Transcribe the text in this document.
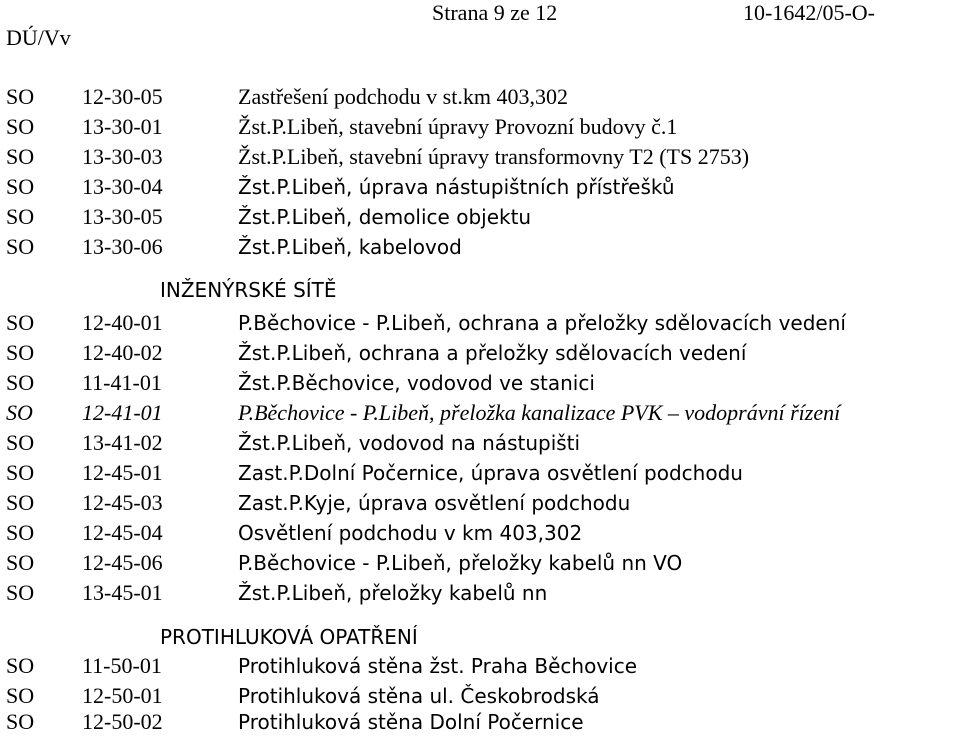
Strana 9 ze 12	10-1642/05-O-
DÚ/Vv
SO 12-30-05	Zastřešení podchodu v st.km 403,302
SO 13-30-01	Žst.P.Libeň, stavební úpravy Provozní budovy č.1
SO 13-30-03	Žst.P.Libeň, stavební úpravy transformovny T2 (TS 2753)
SO 13-30-04	Žst.P.Libeň, úprava nástupištních přístřešků
SO 13-30-05	Žst.P.Libeň, demolice objektu
SO 13-30-06	Žst.P.Libeň, kabelovod
INŽENÝRSKÉ SÍTĚ
SO 12-40-01	P.Běchovice - P.Libeň, ochrana a přeložky sdělovacích vedení
SO 12-40-02	Žst.P.Libeň, ochrana a přeložky sdělovacích vedení
SO 11-41-01	Žst.P.Běchovice, vodovod ve stanici
SO 12-41-01	P.Běchovice - P.Libeň, přeložka kanalizace PVK – vodoprávní řízení
SO 13-41-02	Žst.P.Libeň, vodovod na nástupišti
SO 12-45-01	Zast.P.Dolní Počernice, úprava osvětlení podchodu
SO 12-45-03	Zast.P.Kyje, úprava osvětlení podchodu
SO 12-45-04	Osvětlení podchodu v km 403,302
SO 12-45-06	P.Běchovice - P.Libeň, přeložky kabelů nn VO
SO 13-45-01	Žst.P.Libeň, přeložky kabelů nn
PROTIHLUKOVÁ OPATŘENÍ
SO 11-50-01	Protihluková stěna žst. Praha Běchovice
SO 12-50-01	Protihluková stěna ul. Českobrodská
SO 12-50-02	Protihluková stěna Dolní Počernice
